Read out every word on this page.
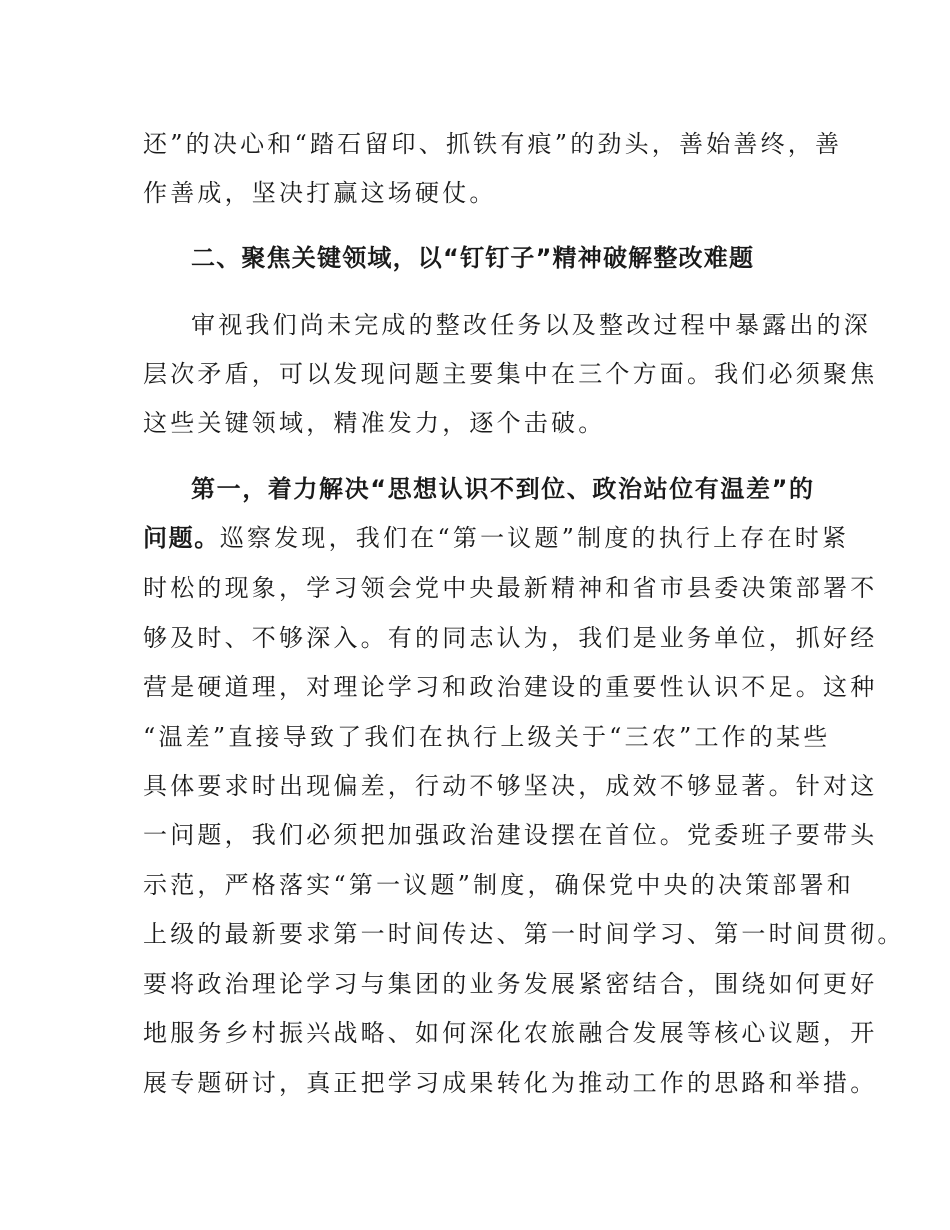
还”的决心和“踏石留印、抓铁有痕”的劲头，善始善终，善
作善成，坚决打赢这场硬仗。
二、聚焦关键领域，以“钉钉子”精神破解整改难题
审视我们尚未完成的整改任务以及整改过程中暴露出的深
层次矛盾，可以发现问题主要集中在三个方面。我们必须聚焦
这些关键领域，精准发力，逐个击破。
第一，着力解决“思想认识不到位、政治站位有温差”的
问题。巡察发现，我们在“第一议题”制度的执行上存在时紧
时松的现象，学习领会党中央最新精神和省市县委决策部署不
够及时、不够深入。有的同志认为，我们是业务单位，抓好经
营是硬道理，对理论学习和政治建设的重要性认识不足。这种
“温差”直接导致了我们在执行上级关于“三农”工作的某些
具体要求时出现偏差，行动不够坚决，成效不够显著。针对这
一问题，我们必须把加强政治建设摆在首位。党委班子要带头
示范，严格落实“第一议题”制度，确保党中央的决策部署和
上级的最新要求第一时间传达、第一时间学习、第一时间贯彻。
要将政治理论学习与集团的业务发展紧密结合，围绕如何更好
地服务乡村振兴战略、如何深化农旅融合发展等核心议题，开
展专题研讨，真正把学习成果转化为推动工作的思路和举措。
